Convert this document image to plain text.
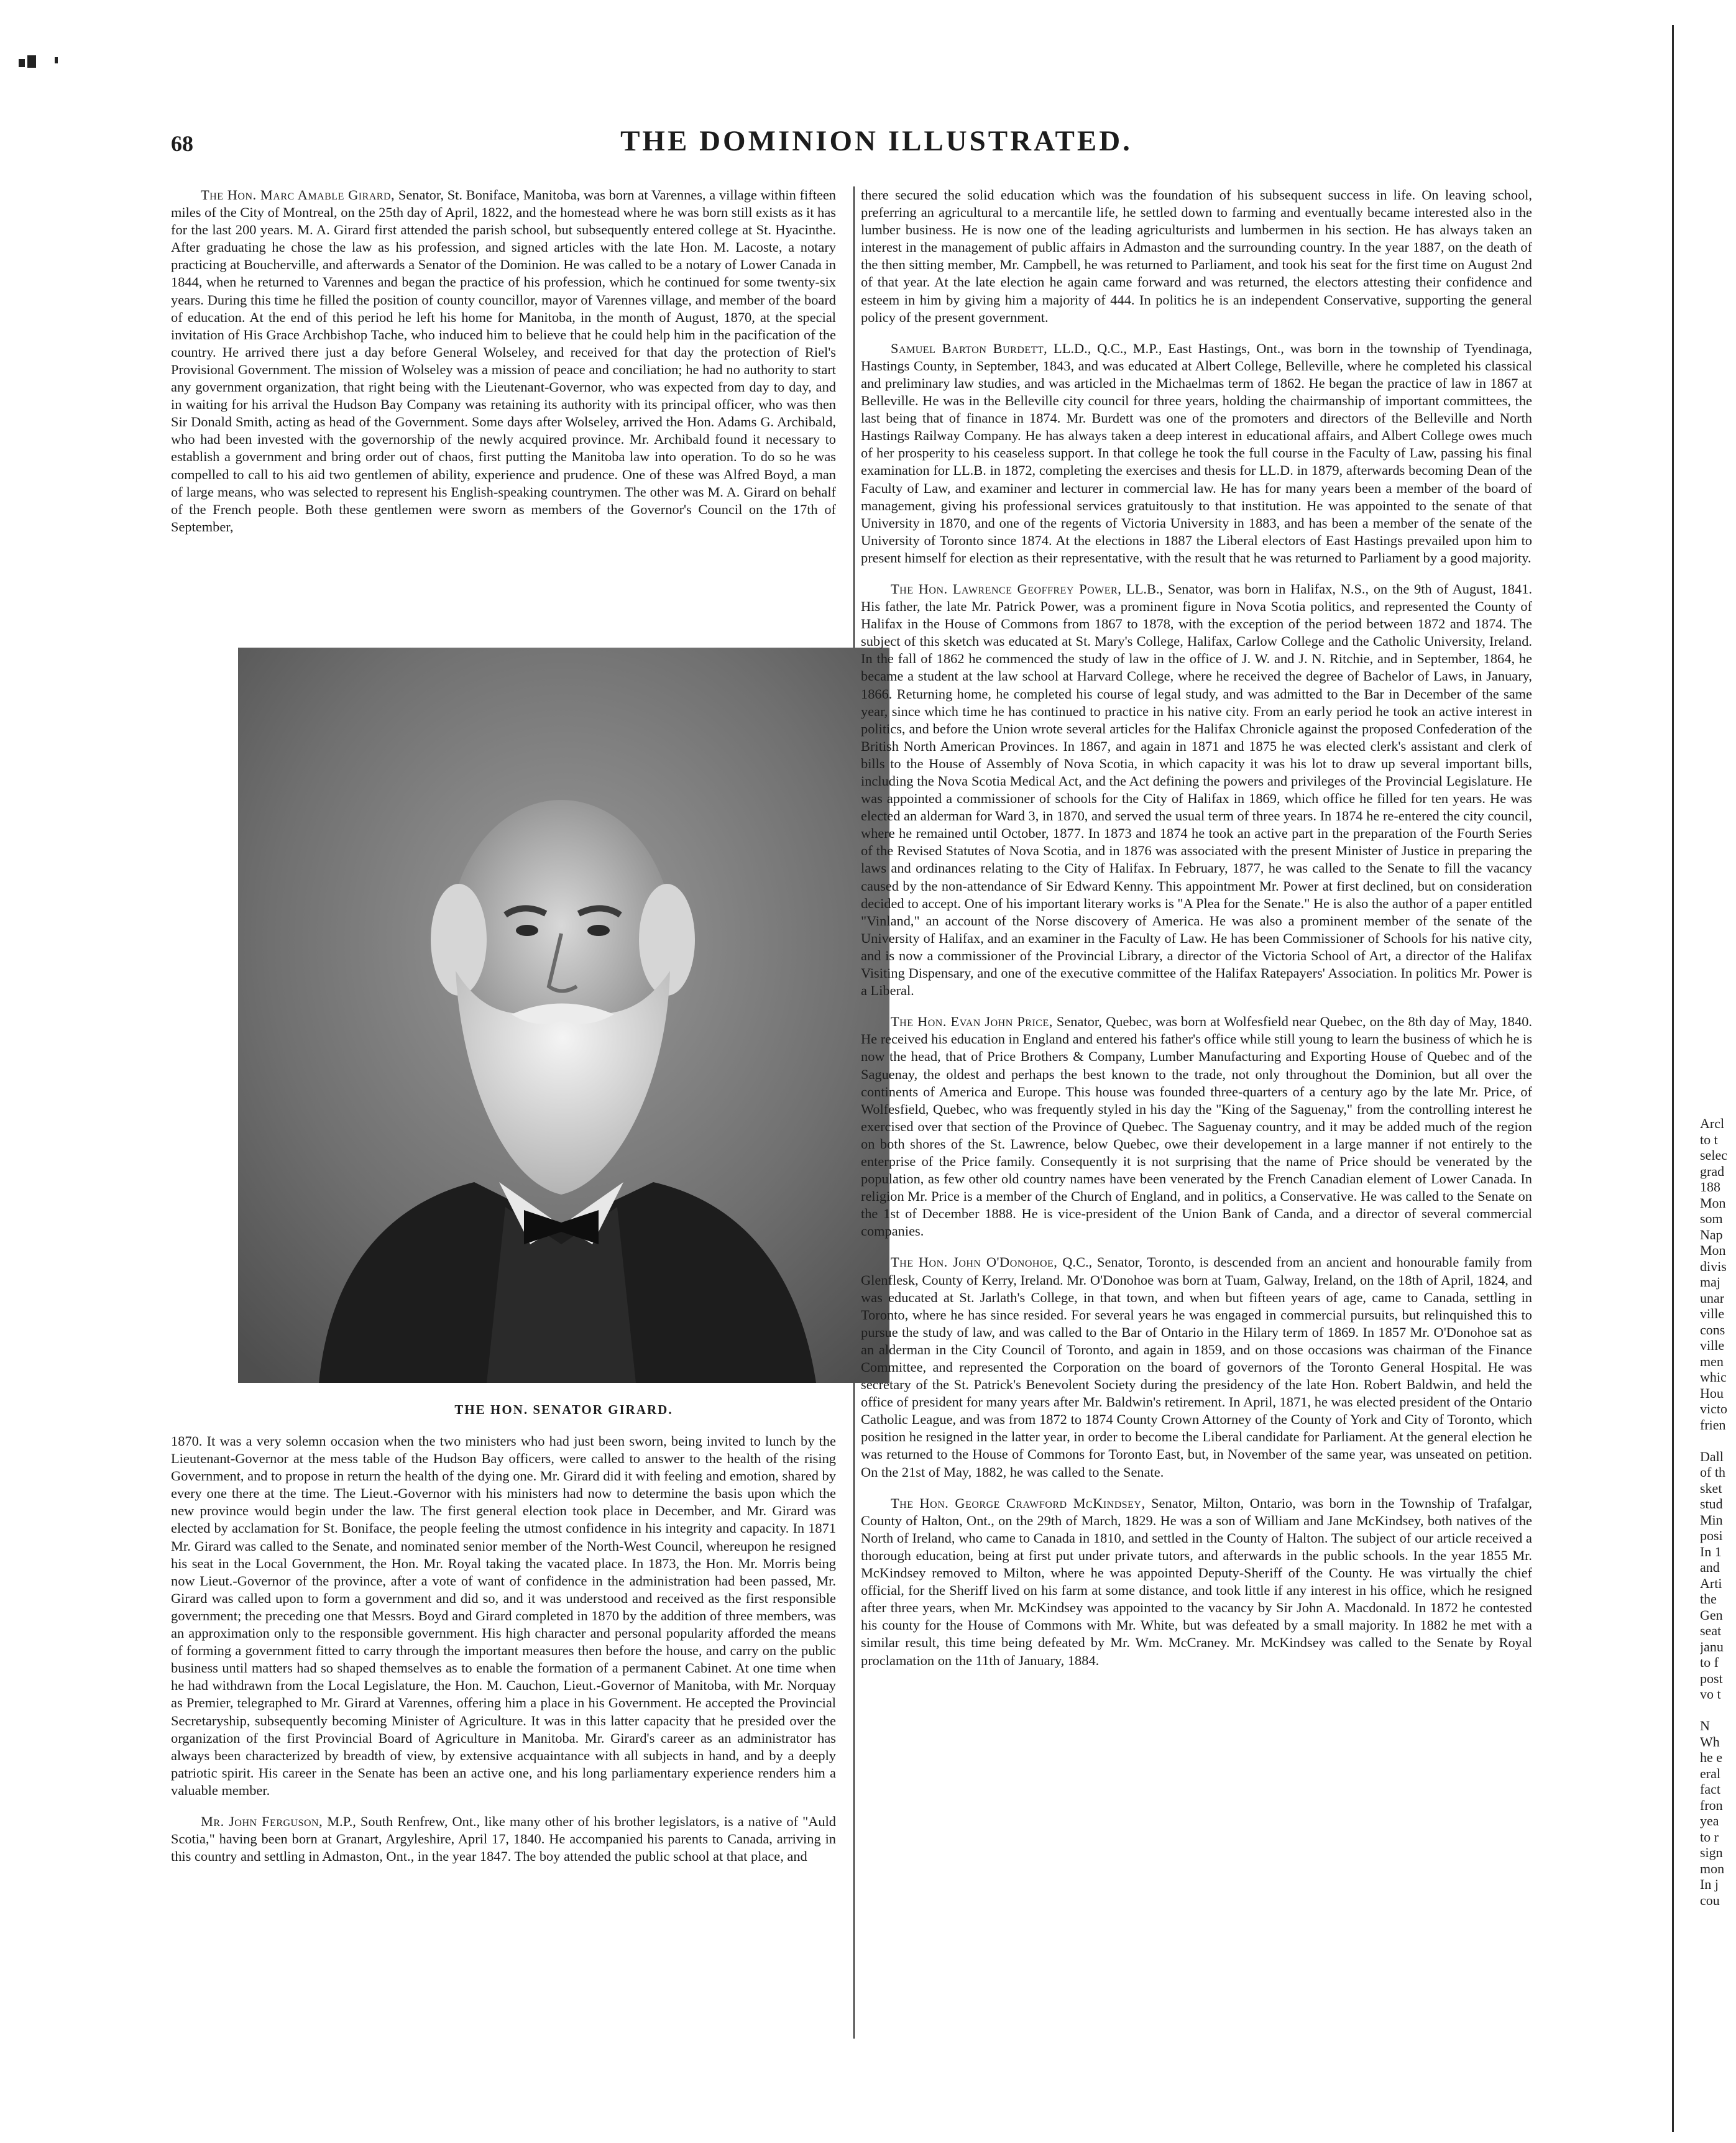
68	THE DOMINION ILLUSTRATED.

The Hon. Marc Amable Girard, Senator, St. Boniface, Manitoba, was born at Varennes, a village within fifteen miles of the City of Montreal, on the 25th day of April, 1822, and the homestead where he was born still exists as it has for the last 200 years. M. A. Girard first attended the parish school, but subsequently entered college at St. Hyacinthe. After graduating he chose the law as his profession, and signed articles with the late Hon. M. Lacoste, a notary practicing at Boucherville, and afterwards a Senator of the Dominion. He was called to be a notary of Lower Canada in 1844, when he returned to Varennes and began the practice of his profession, which he continued for some twenty-six years. During this time he filled the position of county councillor, mayor of Varennes village, and member of the board of education. At the end of this period he left his home for Manitoba, in the month of August, 1870, at the special invitation of His Grace Archbishop Tache, who induced him to believe that he could help him in the pacification of the country. He arrived there just a day before General Wolseley, and received for that day the protection of Riel's Provisional Government. The mission of Wolseley was a mission of peace and conciliation; he had no authority to start any government organization, that right being with the Lieutenant-Governor, who was expected from day to day, and in waiting for his arrival the Hudson Bay Company was retaining its authority with its principal officer, who was then Sir Donald Smith, acting as head of the Government. Some days after Wolseley, arrived the Hon. Adams G. Archibald, who had been invested with the governorship of the newly acquired province. Mr. Archibald found it necessary to establish a government and bring order out of chaos, first putting the Manitoba law into operation. To do so he was compelled to call to his aid two gentlemen of ability, experience and prudence. One of these was Alfred Boyd, a man of large means, who was selected to represent his English-speaking countrymen. The other was M. A. Girard on behalf of the French people. Both these gentlemen were sworn as members of the Governor's Council on the 17th of September,

THE HON. SENATOR GIRARD.

1870. It was a very solemn occasion when the two ministers who had just been sworn, being invited to lunch by the Lieutenant-Governor at the mess table of the Hudson Bay officers, were called to answer to the health of the rising Government, and to propose in return the health of the dying one. Mr. Girard did it with feeling and emotion, shared by every one there at the time. The Lieut.-Governor with his ministers had now to determine the basis upon which the new province would begin under the law. The first general election took place in December, and Mr. Girard was elected by acclamation for St. Boniface, the people feeling the utmost confidence in his integrity and capacity. In 1871 Mr. Girard was called to the Senate, and nominated senior member of the North-West Council, whereupon he resigned his seat in the Local Government, the Hon. Mr. Royal taking the vacated place. In 1873, the Hon. Mr. Morris being now Lieut.-Governor of the province, after a vote of want of confidence in the administration had been passed, Mr. Girard was called upon to form a government and did so, and it was understood and received as the first responsible government; the preceding one that Messrs. Boyd and Girard completed in 1870 by the addition of three members, was an approximation only to the responsible government. His high character and personal popularity afforded the means of forming a government fitted to carry through the important measures then before the house, and carry on the public business until matters had so shaped themselves as to enable the formation of a permanent Cabinet. At one time when he had withdrawn from the Local Legislature, the Hon. M. Cauchon, Lieut.-Governor of Manitoba, with Mr. Norquay as Premier, telegraphed to Mr. Girard at Varennes, offering him a place in his Government. He accepted the Provincial Secretaryship, subsequently becoming Minister of Agriculture. It was in this latter capacity that he presided over the organization of the first Provincial Board of Agriculture in Manitoba. Mr. Girard's career as an administrator has always been characterized by breadth of view, by extensive acquaintance with all subjects in hand, and by a deeply patriotic spirit. His career in the Senate has been an active one, and his long parliamentary experience renders him a valuable member.

Mr. John Ferguson, M.P., South Renfrew, Ont., like many other of his brother legislators, is a native of "Auld Scotia," having been born at Granart, Argyleshire, April 17, 1840. He accompanied his parents to Canada, arriving in this country and settling in Admaston, Ont., in the year 1847. The boy attended the public school at that place, and

there secured the solid education which was the foundation of his subsequent success in life. On leaving school, preferring an agricultural to a mercantile life, he settled down to farming and eventually became interested also in the lumber business. He is now one of the leading agriculturists and lumbermen in his section. He has always taken an interest in the management of public affairs in Admaston and the surrounding country. In the year 1887, on the death of the then sitting member, Mr. Campbell, he was returned to Parliament, and took his seat for the first time on August 2nd of that year. At the late election he again came forward and was returned, the electors attesting their confidence and esteem in him by giving him a majority of 444. In politics he is an independent Conservative, supporting the general policy of the present government.

Samuel Barton Burdett, LL.D., Q.C., M.P., East Hastings, Ont., was born in the township of Tyendinaga, Hastings County, in September, 1843, and was educated at Albert College, Belleville, where he completed his classical and preliminary law studies, and was articled in the Michaelmas term of 1862. He began the practice of law in 1867 at Belleville. He was in the Belleville city council for three years, holding the chairmanship of important committees, the last being that of finance in 1874. Mr. Burdett was one of the promoters and directors of the Belleville and North Hastings Railway Company. He has always taken a deep interest in educational affairs, and Albert College owes much of her prosperity to his ceaseless support. In that college he took the full course in the Faculty of Law, passing his final examination for LL.B. in 1872, completing the exercises and thesis for LL.D. in 1879, afterwards becoming Dean of the Faculty of Law, and examiner and lecturer in commercial law. He has for many years been a member of the board of management, giving his professional services gratuitously to that institution. He was appointed to the senate of that University in 1870, and one of the regents of Victoria University in 1883, and has been a member of the senate of the University of Toronto since 1874. At the elections in 1887 the Liberal electors of East Hastings prevailed upon him to present himself for election as their representative, with the result that he was returned to Parliament by a good majority.

The Hon. Lawrence Geoffrey Power, LL.B., Senator, was born in Halifax, N.S., on the 9th of August, 1841. His father, the late Mr. Patrick Power, was a prominent figure in Nova Scotia politics, and represented the County of Halifax in the House of Commons from 1867 to 1878, with the exception of the period between 1872 and 1874. The subject of this sketch was educated at St. Mary's College, Halifax, Carlow College and the Catholic University, Ireland. In the fall of 1862 he commenced the study of law in the office of J. W. and J. N. Ritchie, and in September, 1864, he became a student at the law school at Harvard College, where he received the degree of Bachelor of Laws, in January, 1866. Returning home, he completed his course of legal study, and was admitted to the Bar in December of the same year, since which time he has continued to practice in his native city. From an early period he took an active interest in politics, and before the Union wrote several articles for the Halifax Chronicle against the proposed Confederation of the British North American Provinces. In 1867, and again in 1871 and 1875 he was elected clerk's assistant and clerk of bills to the House of Assembly of Nova Scotia, in which capacity it was his lot to draw up several important bills, including the Nova Scotia Medical Act, and the Act defining the powers and privileges of the Provincial Legislature. He was appointed a commissioner of schools for the City of Halifax in 1869, which office he filled for ten years. He was elected an alderman for Ward 3, in 1870, and served the usual term of three years. In 1874 he re-entered the city council, where he remained until October, 1877. In 1873 and 1874 he took an active part in the preparation of the Fourth Series of the Revised Statutes of Nova Scotia, and in 1876 was associated with the present Minister of Justice in preparing the laws and ordinances relating to the City of Halifax. In February, 1877, he was called to the Senate to fill the vacancy caused by the non-attendance of Sir Edward Kenny. This appointment Mr. Power at first declined, but on consideration decided to accept. One of his important literary works is "A Plea for the Senate." He is also the author of a paper entitled "Vinland," an account of the Norse discovery of America. He was also a prominent member of the senate of the University of Halifax, and an examiner in the Faculty of Law. He has been Commissioner of Schools for his native city, and is now a commissioner of the Provincial Library, a director of the Victoria School of Art, a director of the Halifax Visiting Dispensary, and one of the executive committee of the Halifax Ratepayers' Association. In politics Mr. Power is a Liberal.

The Hon. Evan John Price, Senator, Quebec, was born at Wolfesfield near Quebec, on the 8th day of May, 1840. He received his education in England and entered his father's office while still young to learn the business of which he is now the head, that of Price Brothers & Company, Lumber Manufacturing and Exporting House of Quebec and of the Saguenay, the oldest and perhaps the best known to the trade, not only throughout the Dominion, but all over the continents of America and Europe. This house was founded three-quarters of a century ago by the late Mr. Price, of Wolfesfield, Quebec, who was frequently styled in his day the "King of the Saguenay," from the controlling interest he exercised over that section of the Province of Quebec. The Saguenay country, and it may be added much of the region on both shores of the St. Lawrence, below Quebec, owe their developement in a large manner if not entirely to the enterprise of the Price family. Consequently it is not surprising that the name of Price should be venerated by the population, as few other old country names have been venerated by the French Canadian element of Lower Canada. In religion Mr. Price is a member of the Church of England, and in politics, a Conservative. He was called to the Senate on the 1st of December 1888. He is vice-president of the Union Bank of Canda, and a director of several commercial companies.

The Hon. John O'Donohoe, Q.C., Senator, Toronto, is descended from an ancient and honourable family from Glenflesk, County of Kerry, Ireland. Mr. O'Donohoe was born at Tuam, Galway, Ireland, on the 18th of April, 1824, and was educated at St. Jarlath's College, in that town, and when but fifteen years of age, came to Canada, settling in Toronto, where he has since resided. For several years he was engaged in commercial pursuits, but relinquished this to pursue the study of law, and was called to the Bar of Ontario in the Hilary term of 1869. In 1857 Mr. O'Donohoe sat as an alderman in the City Council of Toronto, and again in 1859, and on those occasions was chairman of the Finance Committee, and represented the Corporation on the board of governors of the Toronto General Hospital. He was secretary of the St. Patrick's Benevolent Society during the presidency of the late Hon. Robert Baldwin, and held the office of president for many years after Mr. Baldwin's retirement. In April, 1871, he was elected president of the Ontario Catholic League, and was from 1872 to 1874 County Crown Attorney of the County of York and City of Toronto, which position he resigned in the latter year, in order to become the Liberal candidate for Parliament. At the general election he was returned to the House of Commons for Toronto East, but, in November of the same year, was unseated on petition. On the 21st of May, 1882, he was called to the Senate.

The Hon. George Crawford McKindsey, Senator, Milton, Ontario, was born in the Township of Trafalgar, County of Halton, Ont., on the 29th of March, 1829. He was a son of William and Jane McKindsey, both natives of the North of Ireland, who came to Canada in 1810, and settled in the County of Halton. The subject of our article received a thorough education, being at first put under private tutors, and afterwards in the public schools. In the year 1855 Mr. McKindsey removed to Milton, where he was appointed Deputy-Sheriff of the County. He was virtually the chief official, for the Sheriff lived on his farm at some distance, and took little if any interest in his office, which he resigned after three years, when Mr. McKindsey was appointed to the vacancy by Sir John A. Macdonald. In 1872 he contested his county for the House of Commons with Mr. White, but was defeated by a small majority. In 1882 he met with a similar result, this time being defeated by Mr. Wm. McCraney. Mr. McKindsey was called to the Senate by Royal proclamation on the 11th of January, 1884.

Arcl
to t
selec
grad
188
Mon
som
Nap
Mon
divis
maj
unar
ville
cons
ville
men
whic
Hou
victo
frien

Dall
of th
sket
stud
Min
posi
In 1
and
Arti
the
Gen
seat
janu
to f
post
vo t

N
Wh
he e
eral
fact
fron
yea
to r
sign
mon
In j
cou
